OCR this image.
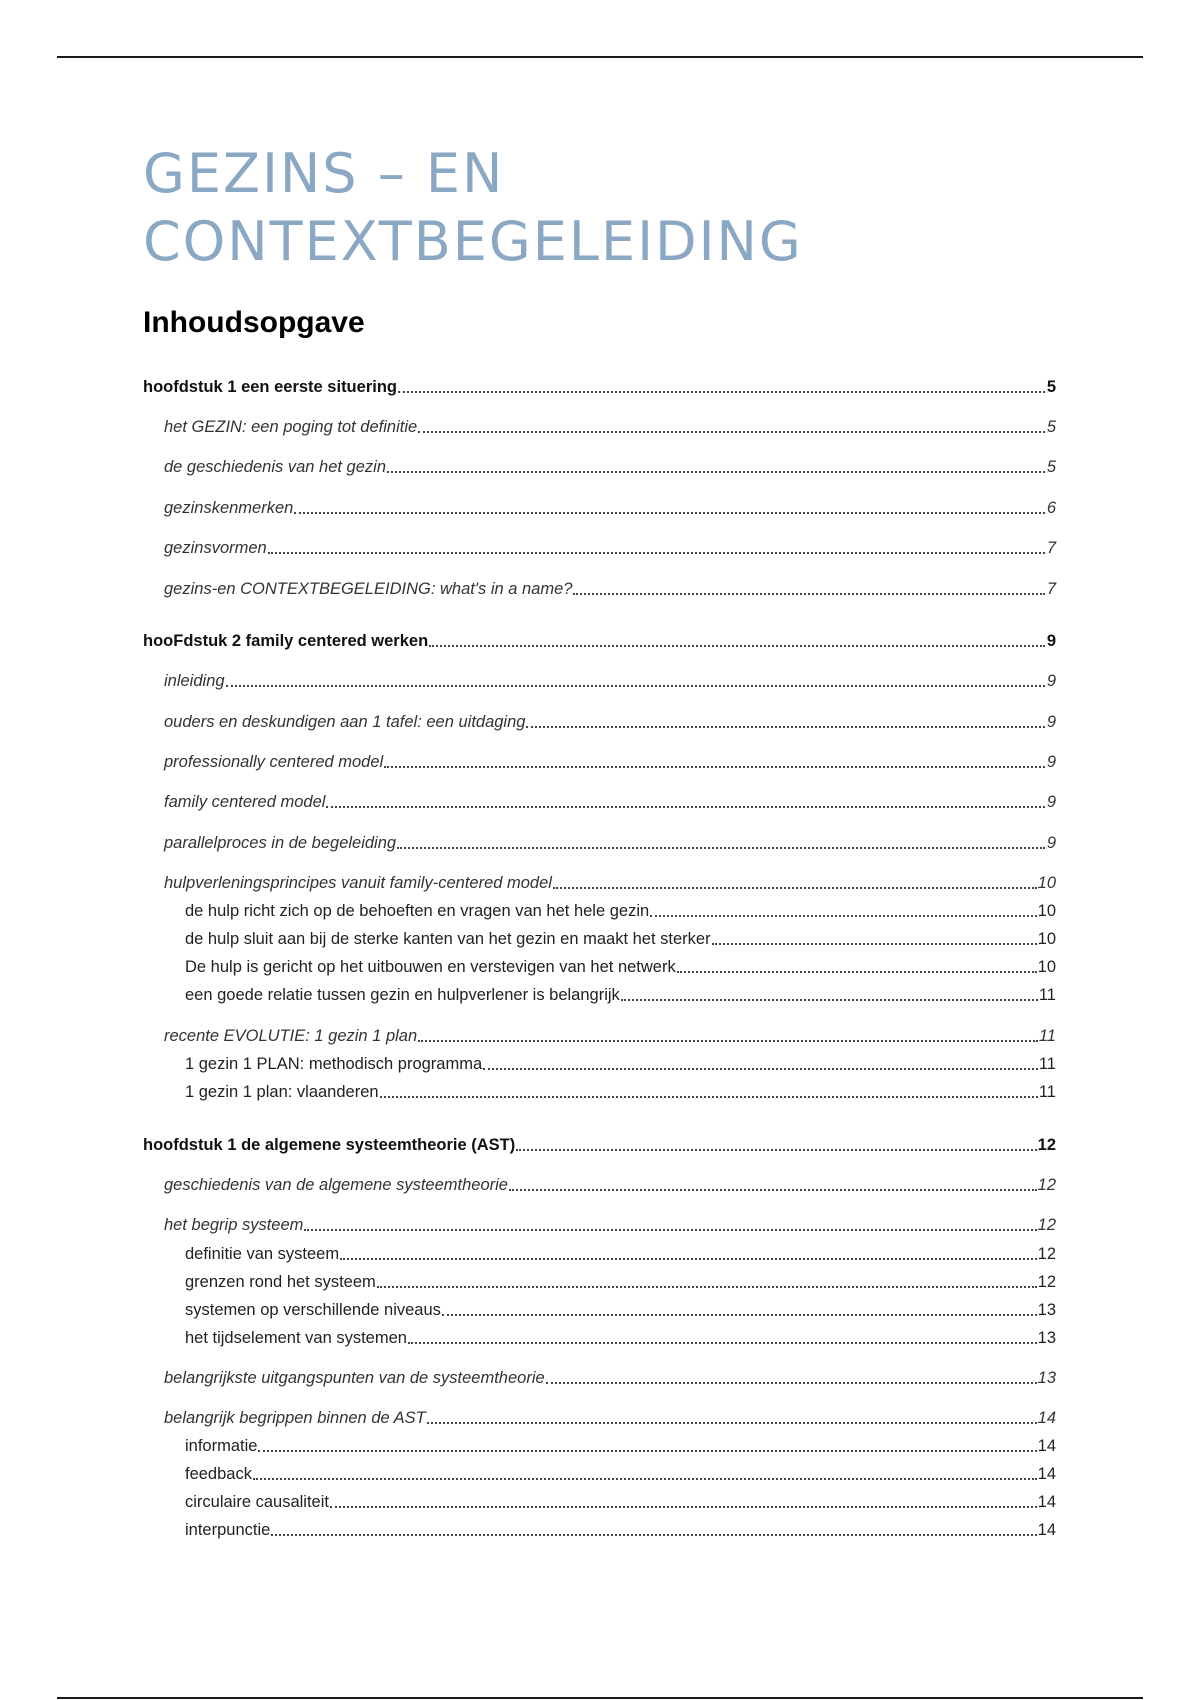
GEZINS – EN
CONTEXTBEGELEIDING
Inhoudsopgave
hoofdstuk 1 een eerste situering	5
het GEZIN: een poging tot definitie	5
de geschiedenis van het gezin	5
gezinskenmerken	6
gezinsvormen	7
gezins-en CONTEXTBEGELEIDING: what's in a name?	7
hooFdstuk 2 family centered werken	9
inleiding	9
ouders en deskundigen aan 1 tafel: een uitdaging	9
professionally centered model	9
family centered model	9
parallelproces in de begeleiding	9
hulpverleningsprincipes vanuit family-centered model	10
de hulp richt zich op de behoeften en vragen van het hele gezin	10
de hulp sluit aan bij de sterke kanten van het gezin en maakt het sterker	10
De hulp is gericht op het uitbouwen en verstevigen van het netwerk	10
een goede relatie tussen gezin en hulpverlener is belangrijk	11
recente EVOLUTIE: 1 gezin 1 plan	11
1 gezin 1 PLAN: methodisch programma	11
1 gezin 1 plan: vlaanderen	11
hoofdstuk 1 de algemene systeemtheorie (AST)	12
geschiedenis van de algemene systeemtheorie	12
het begrip systeem	12
definitie van systeem	12
grenzen rond het systeem	12
systemen op verschillende niveaus	13
het tijdselement van systemen	13
belangrijkste uitgangspunten van de systeemtheorie	13
belangrijk begrippen binnen de AST	14
informatie	14
feedback	14
circulaire causaliteit	14
interpunctie	14
